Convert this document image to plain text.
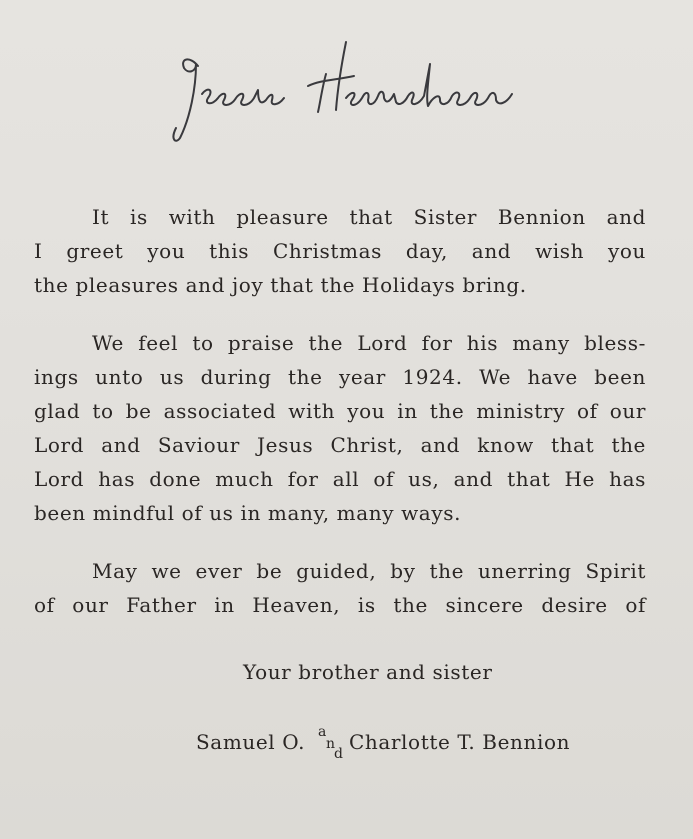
It is with pleasure that Sister Bennion and
I greet you this Christmas day, and wish you
the pleasures and joy that the Holidays bring.
We feel to praise the Lord for his many bless-
ings unto us during the year 1924. We have been
glad to be associated with you in the ministry of our
Lord and Saviour Jesus Christ, and know that the
Lord has done much for all of us, and that He has
been mindful of us in many, many ways.
May we ever be guided, by the unerring Spirit
of our Father in Heaven, is the sincere desire of
Your brother and sister
Samuel O. a
n
d Charlotte T. Bennion
